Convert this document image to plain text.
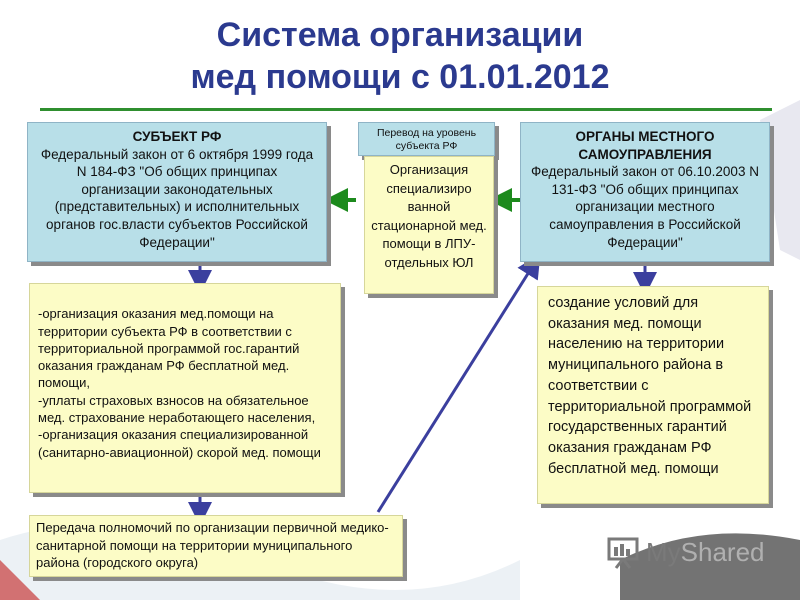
Система организации
мед помощи с 01.01.2012
СУБЪЕКТ РФ
Федеральный закон от 6 октября 1999 года N 184-ФЗ "Об общих принципах организации законодательных (представительных) и исполнительных органов гос.власти субъектов Российской Федерации"
Перевод на уровень субъекта РФ
Организация специализиро ванной стационарной мед. помощи в ЛПУ- отдельных ЮЛ
ОРГАНЫ МЕСТНОГО САМОУПРАВЛЕНИЯ
Федеральный закон от 06.10.2003 N 131-ФЗ "Об общих принципах организации местного самоуправления в Российской Федерации"

-организация оказания мед.помощи на территории субъекта РФ в соответствии с территориальной программой гос.гарантий оказания гражданам РФ бесплатной мед. помощи,
-уплаты страховых взносов на обязательное мед. страхование неработающего населения,
-организация оказания специализированной (санитарно-авиационной) скорой мед. помощи

создание условий для оказания мед. помощи населению на территории муниципального района в соответствии с территориальной программой государственных гарантий оказания гражданам РФ бесплатной мед. помощи
Передача полномочий по организации первичной медико-санитарной помощи на территории муниципального района (городского округа)	MyShared
